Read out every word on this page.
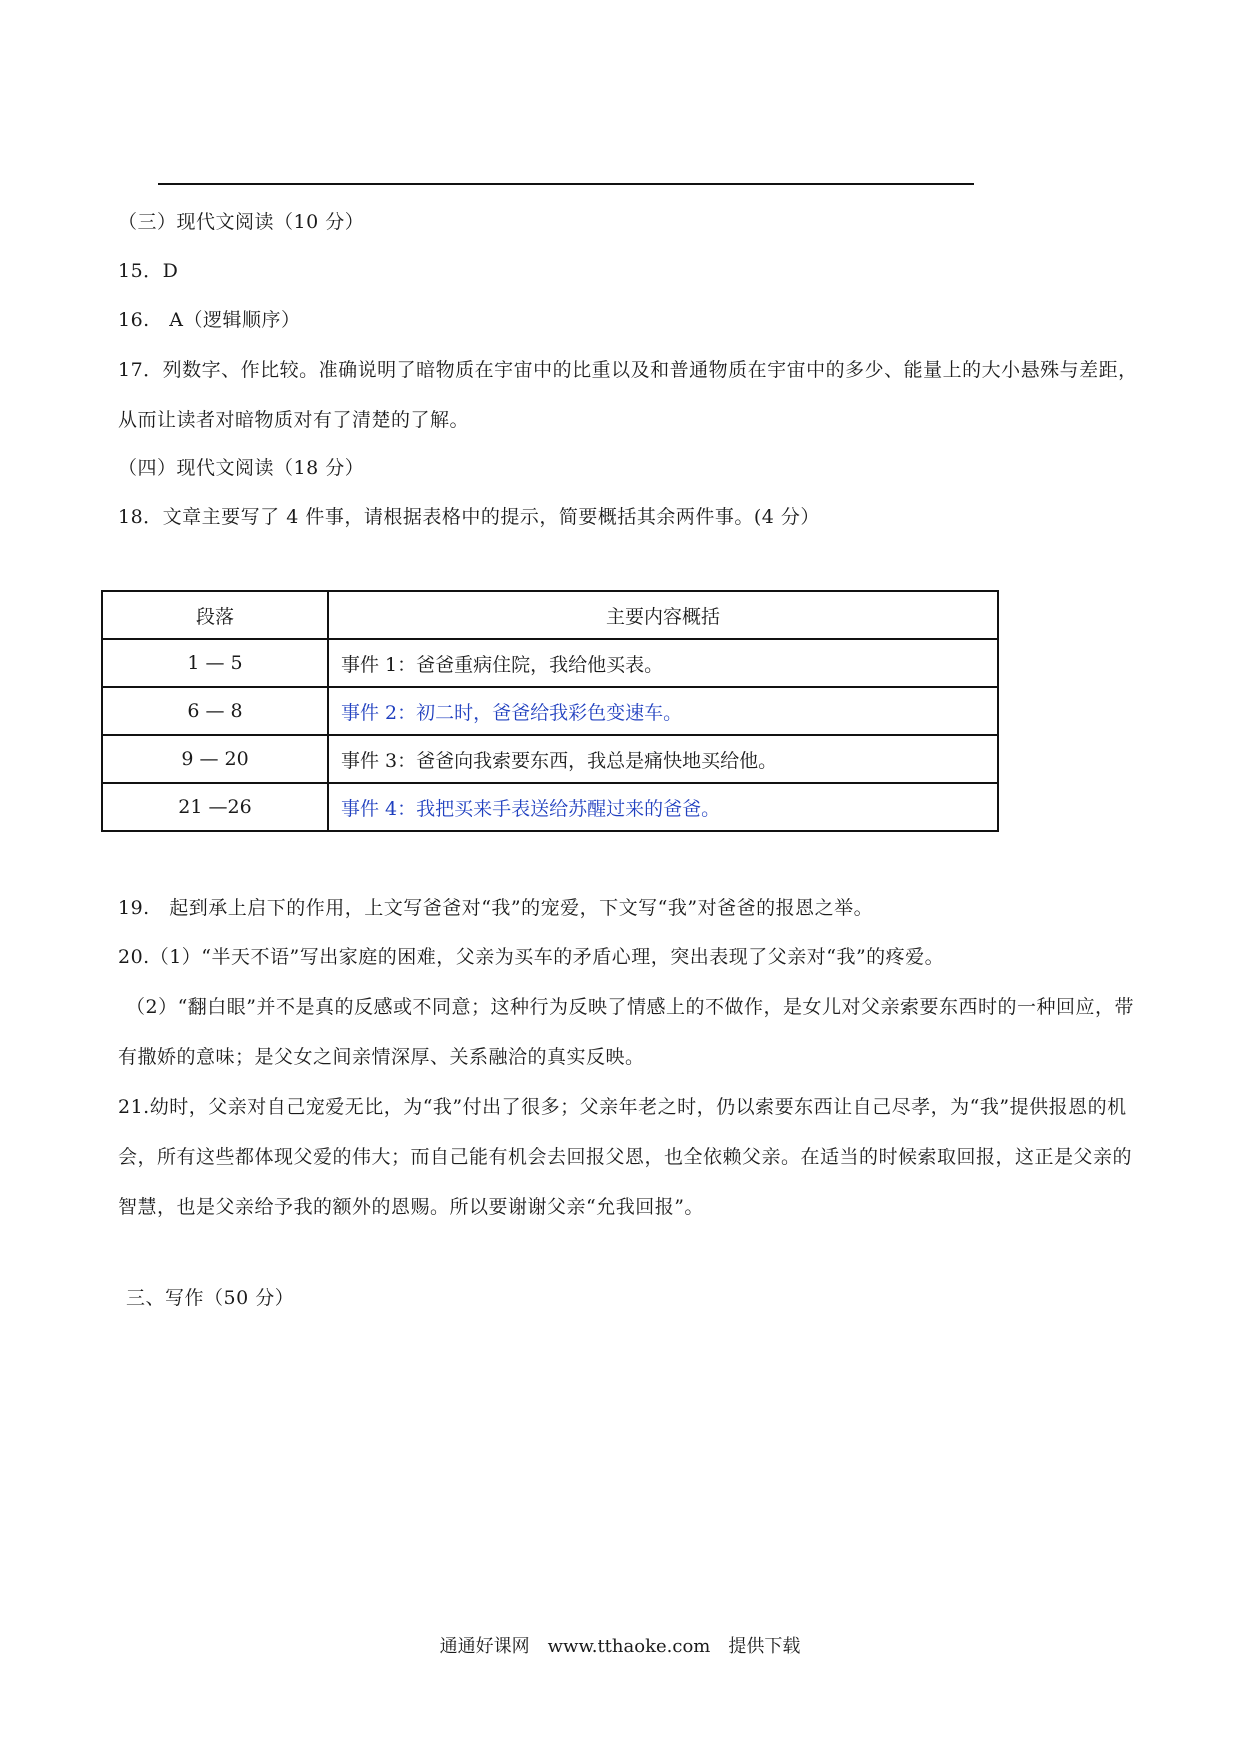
（三）现代文阅读（10 分）
15．D
16.　A（逻辑顺序）
17．列数字、作比较。准确说明了暗物质在宇宙中的比重以及和普通物质在宇宙中的多少、能量上的大小悬殊与差距，从而让读者对暗物质对有了清楚的了解。
（四）现代文阅读（18 分）
18．文章主要写了 4 件事，请根据表格中的提示，简要概括其余两件事。(4 分）
段落	主要内容概括
1 — 5	事件 1：爸爸重病住院，我给他买表。
6 — 8	事件 2：初二时，爸爸给我彩色变速车。
9 — 20	事件 3：爸爸向我索要东西，我总是痛快地买给他。
21 —26	事件 4：我把买来手表送给苏醒过来的爸爸。
19.　起到承上启下的作用，上文写爸爸对“我”的宠爱，下文写“我”对爸爸的报恩之举。
20.（1）“半天不语”写出家庭的困难，父亲为买车的矛盾心理，突出表现了父亲对“我”的疼爱。
（2）“翻白眼”并不是真的反感或不同意；这种行为反映了情感上的不做作，是女儿对父亲索要东西时的一种回应，带有撒娇的意味；是父女之间亲情深厚、关系融洽的真实反映。
21.幼时，父亲对自己宠爱无比，为“我”付出了很多；父亲年老之时，仍以索要东西让自己尽孝，为“我”提供报恩的机会，所有这些都体现父爱的伟大；而自己能有机会去回报父恩，也全依赖父亲。在适当的时候索取回报，这正是父亲的智慧，也是父亲给予我的额外的恩赐。所以要谢谢父亲“允我回报”。
三、写作（50 分）
通通好课网　www.tthaoke.com　提供下载
